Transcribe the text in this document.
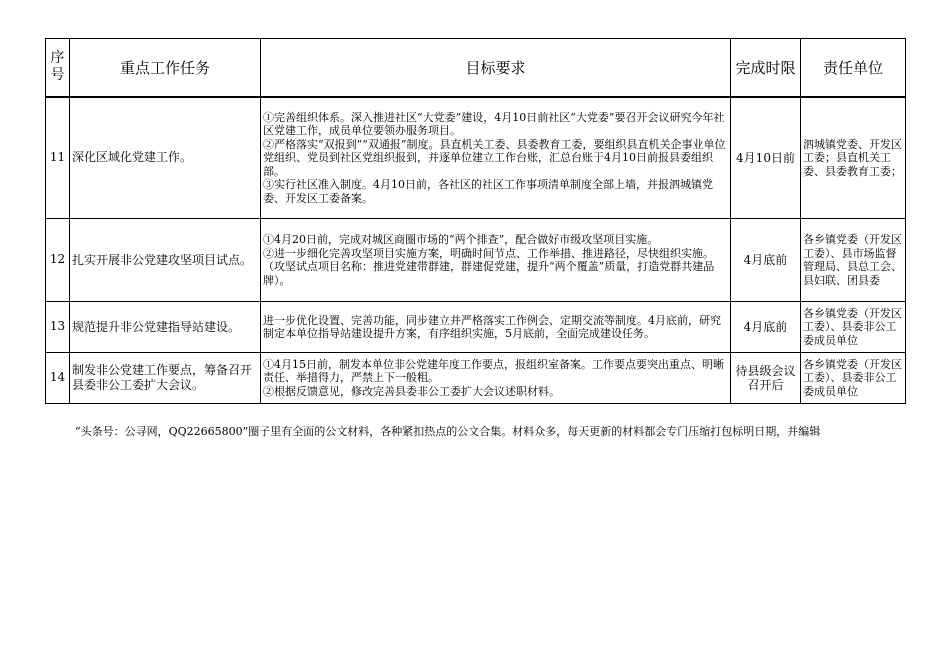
序号	重点工作任务	目标要求	完成时限	责任单位
11	深化区域化党建工作。	①完善组织体系。深入推进社区“大党委”建设，4月10日前社区“大党委”要召开会议研究今年社区党建工作，成员单位要领办服务项目。

②严格落实“双报到”“双通报”制度。县直机关工委、县委教育工委，要组织县直机关企事业单位党组织、党员到社区党组织报到，并逐单位建立工作台账，汇总台账于4月10日前报县委组织部。

③实行社区准入制度。4月10日前，各社区的社区工作事项清单制度全部上墙，并报泗城镇党委、开发区工委备案。	4月10日前	泗城镇党委、开发区工委；县直机关工委、县委教育工委；
12	扎实开展非公党建攻坚项目试点。	①4月20日前，完成对城区商圈市场的“两个排查”，配合做好市级攻坚项目实施。

②进一步细化完善攻坚项目实施方案，明确时间节点、工作举措、推进路径，尽快组织实施。（攻坚试点项目名称：推进党建带群建，群建促党建，提升“两个覆盖”质量，打造党群共建品牌）。	4月底前	各乡镇党委（开发区工委）、县市场监督管理局、县总工会、县妇联、团县委
13	规范提升非公党建指导站建设。	进一步优化设置、完善功能，同步建立并严格落实工作例会、定期交流等制度。4月底前，研究制定本单位指导站建设提升方案，有序组织实施，5月底前，全面完成建设任务。	4月底前	各乡镇党委（开发区工委）、县委非公工委成员单位
14	制发非公党建工作要点，筹备召开县委非公工委扩大会议。	①4月15日前，制发本单位非公党建年度工作要点，报组织室备案。工作要点要突出重点、明晰责任、举措得力，严禁上下一般粗。

②根据反馈意见，修改完善县委非公工委扩大会议述职材料。	待县级会议召开后	各乡镇党委（开发区工委）、县委非公工委成员单位
“头条号：公寻网，QQ22665800”圈子里有全面的公文材料，各种紧扣热点的公文合集。材料众多，每天更新的材料都会专门压缩打包标明日期，并编辑
